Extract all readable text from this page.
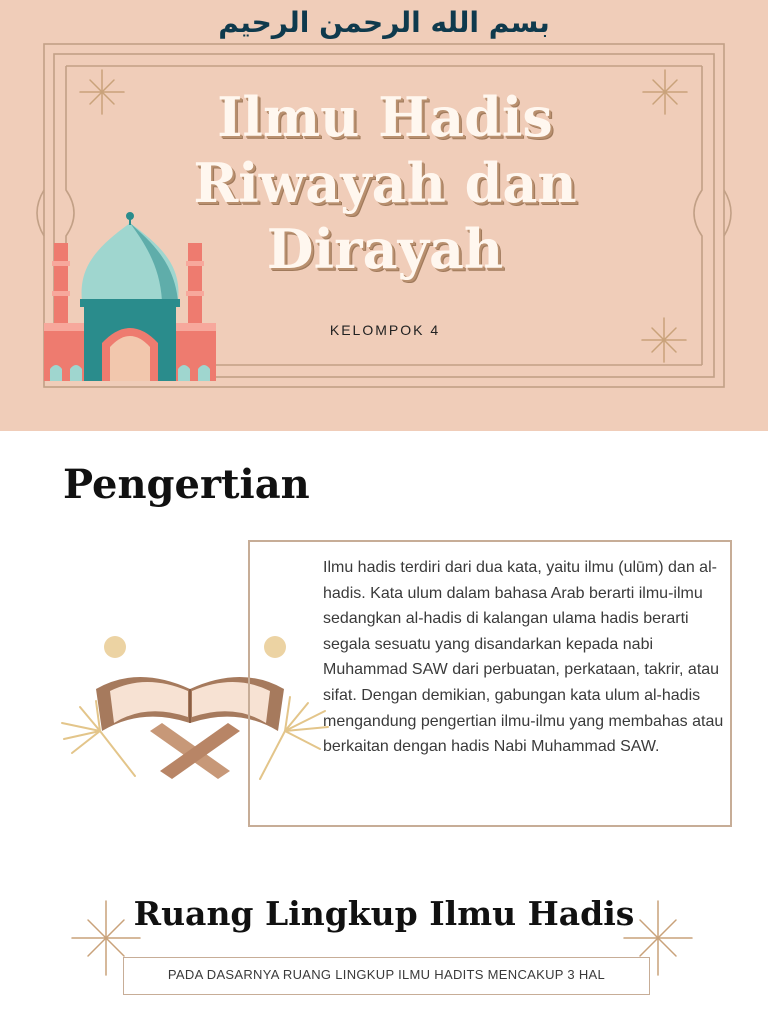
بسم الله الرحمن الرحيم
Ilmu Hadis
Riwayah dan
Dirayah
KELOMPOK 4
Pengertian

Ilmu hadis terdiri dari dua kata, yaitu ilmu (ulūm) dan al-hadis. Kata ulum dalam bahasa Arab berarti ilmu-ilmu sedangkan al-hadis di kalangan ulama hadis berarti segala sesuatu yang disandarkan kepada nabi Muhammad SAW dari perbuatan, perkataan, takrir, atau sifat. Dengan demikian, gabungan kata ulum al-hadis mengandung pengertian ilmu-ilmu yang membahas atau berkaitan dengan hadis Nabi Muhammad SAW.

Ruang Lingkup Ilmu Hadis
PADA DASARNYA RUANG LINGKUP ILMU HADITS MENCAKUP 3 HAL
